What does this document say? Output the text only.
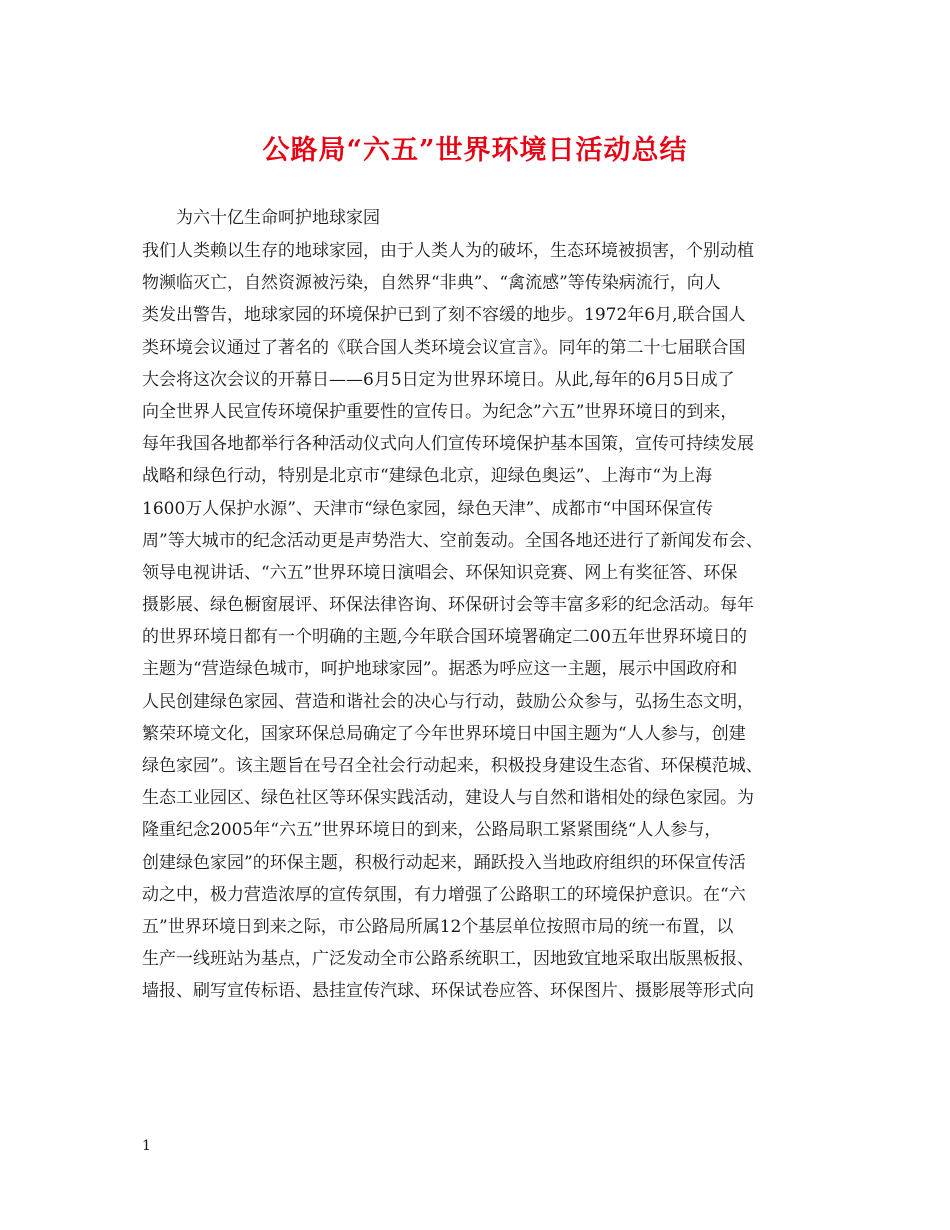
公路局“六五”世界环境日活动总结

为六十亿生命呵护地球家园

我们人类赖以生存的地球家园，由于人类人为的破坏，生态环境被损害，个别动植
物濒临灭亡，自然资源被污染，自然界“非典”、“禽流感”等传染病流行，向人
类发出警告，地球家园的环境保护已到了刻不容缓的地步。1972年6月,联合国人
类环境会议通过了著名的《联合国人类环境会议宣言》。同年的第二十七届联合国
大会将这次会议的开幕日——6月5日定为世界环境日。从此,每年的6月5日成了
向全世界人民宣传环境保护重要性的宣传日。为纪念”六五”世界环境日的到来，
每年我国各地都举行各种活动仪式向人们宣传环境保护基本国策，宣传可持续发展
战略和绿色行动，特别是北京市“建绿色北京，迎绿色奥运”、上海市“为上海
1600万人保护水源”、天津市“绿色家园，绿色天津”、成都市“中国环保宣传
周”等大城市的纪念活动更是声势浩大、空前轰动。全国各地还进行了新闻发布会、
领导电视讲话、“六五”世界环境日演唱会、环保知识竞赛、网上有奖征答、环保
摄影展、绿色橱窗展评、环保法律咨询、环保研讨会等丰富多彩的纪念活动。每年
的世界环境日都有一个明确的主题,今年联合国环境署确定二00五年世界环境日的
主题为“营造绿色城市，呵护地球家园”。据悉为呼应这一主题，展示中国政府和
人民创建绿色家园、营造和谐社会的决心与行动，鼓励公众参与，弘扬生态文明，
繁荣环境文化，国家环保总局确定了今年世界环境日中国主题为“人人参与，创建
绿色家园”。该主题旨在号召全社会行动起来，积极投身建设生态省、环保模范城、
生态工业园区、绿色社区等环保实践活动，建设人与自然和谐相处的绿色家园。为
隆重纪念2005年“六五”世界环境日的到来，公路局职工紧紧围绕“人人参与，
创建绿色家园”的环保主题，积极行动起来，踊跃投入当地政府组织的环保宣传活
动之中，极力营造浓厚的宣传氛围，有力增强了公路职工的环境保护意识。在“六
五”世界环境日到来之际，市公路局所属12个基层单位按照市局的统一布置，以
生产一线班站为基点，广泛发动全市公路系统职工，因地致宜地采取出版黑板报、
墙报、刷写宣传标语、悬挂宣传汽球、环保试卷应答、环保图片、摄影展等形式向
1
